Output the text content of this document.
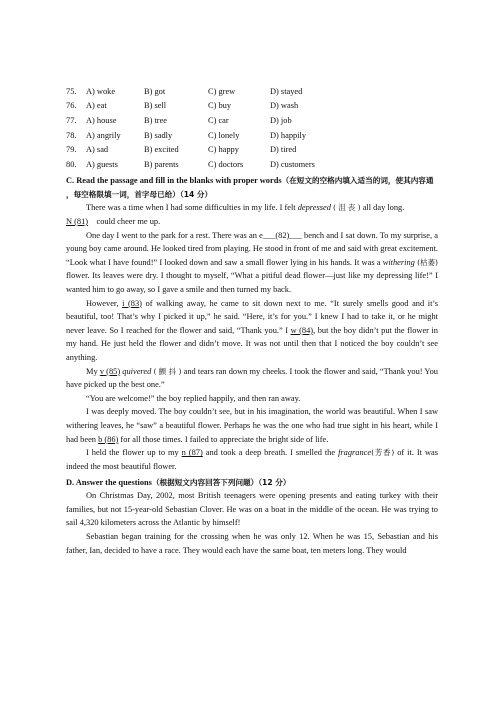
75.	A) woke	B) got	C) grew	D) stayed
76.	A) eat	B) sell	C) buy	D) wash
77.	A) house	B) tree	C) car	D) job
78.	A) angrily	B) sadly	C) lonely	D) happily
79.	A) sad	B) excited	C) happy	D) tired
80.	A) guests	B) parents	C) doctors	D) customers
C. Read the passage and fill in the blanks with proper words（在短文的空格内填入适当的词，使其内容通 ，每空格限填一词，首字母已给）（14 分）

There was a time when I had some difficulties in my life. I felt depressed ( 沮 丧 ) all day long.

N (81) could cheer me up.

One day I went to the park for a rest. There was an e___(82)___ bench and I sat down. To my surprise, a young boy came around. He looked tired from playing. He stood in front of me and said with great excitement. “Look what I have found!” I looked down and saw a small flower lying in his hands. It was a withering (枯萎) flower. Its leaves were dry. I thought to myself, “What a pitiful dead flower—just like my depressing life!” I wanted him to go away, so I gave a smile and then turned my back.

However, i (83) of walking away, he came to sit down next to me. “It surely smells good and it’s beautiful, too! That’s why I picked it up,” he said. “Here, it’s for you.” I knew I had to take it, or he might never leave. So I reached for the flower and said, “Thank you.” I w (84), but the boy didn’t put the flower in my hand. He just held the flower and didn’t move. It was not until then that I noticed the boy couldn’t see anything.

My v (85) quivered ( 颤 抖 ) and tears ran down my cheeks. I took the flower and said, “Thank you! You have picked up the best one.”

“You are welcome!” the boy replied happily, and then ran away.

I was deeply moved. The boy couldn’t see, but in his imagination, the world was beautiful. When I saw withering leaves, he “saw” a beautiful flower. Perhaps he was the one who had true sight in his heart, while I had been b (86) for all those times. I failed to appreciate the bright side of life.

I held the flower up to my n (87) and took a deep breath. I smelled the fragrance(芳香) of it. It was indeed the most beautiful flower.

D. Answer the questions（根据短文内容回答下列问题）（12 分）

On Christmas Day, 2002, most British teenagers were opening presents and eating turkey with their families, but not 15-year-old Sebastian Clover. He was on a boat in the middle of the ocean. He was trying to sail 4,320 kilometers across the Atlantic by himself!

Sebastian began training for the crossing when he was only 12. When he was 15, Sebastian and his father, Ian, decided to have a race. They would each have the same boat, ten meters long. They would
